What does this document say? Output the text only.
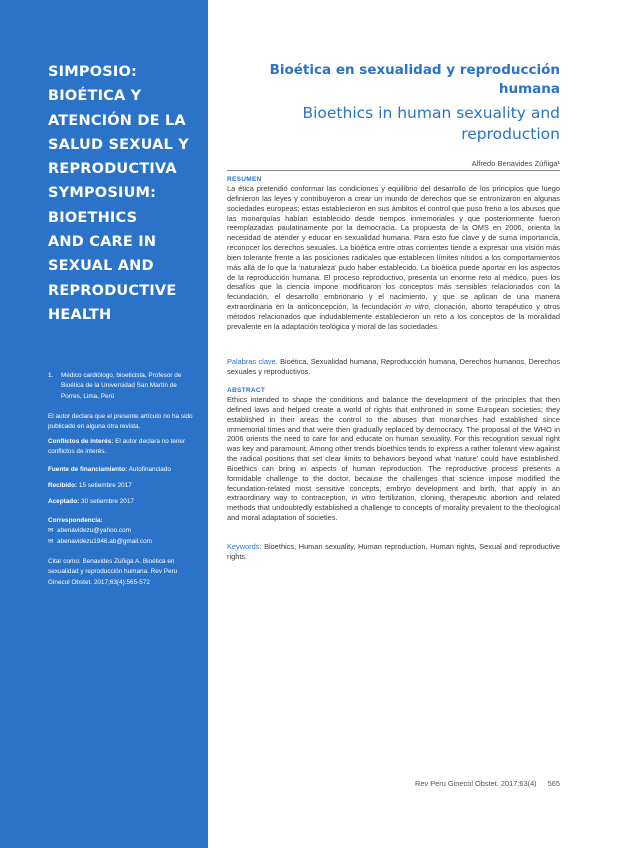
SIMPOSIO:
BIOÉTICA Y
ATENCIÓN DE LA
SALUD SEXUAL Y
REPRODUCTIVA
SYMPOSIUM:
BIOETHICS
AND CARE IN
SEXUAL AND
REPRODUCTIVE
HEALTH
1.	Médico cardiólogo, bioeticista, Profesor de Bioética de la Universidad San Martín de Porres, Lima, Perú
El autor declara que el presente artículo no ha sido publicado en alguna otra revista.
Conflictos de interés: El autor declara no tener conflictos de interés.
Fuente de financiamiento: Autofinanciado
Recibido: 15 setiembre 2017
Aceptado: 30 setiembre 2017
Correspondencia:
✉ abenavidezu@yahoo.com
✉ abenavidezu1946.ab@gmail.com
Citar como: Benavides Zúñiga A. Bioética en sexualidad y reproducción humana. Rev Peru Ginecol Obstet. 2017;63(4):565-572
Bioética en sexualidad y reproducción humana
Bioethics in human sexuality and reproduction
Alfredo Benavides Zúñiga¹
RESUMEN
La ética pretendió conformar las condiciones y equilibrio del desarrollo de los principios que luego definieron las leyes y contribuyeron a crear un mundo de derechos que se entronizaron en algunas sociedades europeas; estas establecieron en sus ámbitos el control que puso freno a los abusos que las monarquías habían establecido desde tiempos inmemoriales y que posteriormente fueron reemplazadas paulatinamente por la democracia. La propuesta de la OMS en 2006, orienta la necesidad de atender y educar en sexualidad humana. Para esto fue clave y de suma importancia, reconocer los derechos sexuales. La bioética entre otras corrientes tiende a expresar una visión más bien tolerante frente a las posiciones radicales que establecen límites nítidos a los comportamientos más allá de lo que la ‘naturaleza’ pudo haber establecido. La bioética puede aportar en los aspectos de la reproducción humana. El proceso reproductivo, presenta un enorme reto al médico, pues los desafíos que la ciencia impone modificaron los conceptos más sensibles relacionados con la fecundación, el desarrollo embrionario y el nacimiento, y que se aplican de una manera extraordinaria en la anticoncepción, la fecundación in vitro, clonación, aborto terapéutico y otros métodos relacionados que indudablemente establecieron un reto a los conceptos de la moralidad prevalente en la adaptación teológica y moral de las sociedades.
Palabras clave. Bioética, Sexualidad humana, Reproducción humana, Derechos humanos, Derechos sexuales y reproductivos.
ABSTRACT
Ethics intended to shape the conditions and balance the development of the principles that then defined laws and helped create a world of rights that enthroned in some European societies; they established in their areas the control to the abuses that monarchies had established since immemorial times and that were then gradually replaced by democracy. The proposal of the WHO in 2006 orients the need to care for and educate on human sexuality. For this recognition sexual right was key and paramount. Among other trends bioethics tends to express a rather tolerant view against the radical positions that set clear limits to behaviors beyond what ‘nature’ could have established. Bioethics can bring in aspects of human reproduction. The reproductive process presents a formidable challenge to the doctor, because the challenges that science impose modified the fecundation-related most sensitive concepts, embryo development and birth, that apply in an extraordinary way to contraception, in vitro fertilization, cloning, therapeutic abortion and related methods that undoubtedly established a challenge to concepts of morality prevalent to the theological and moral adaptation of societies.
Keywords: Bioethics, Human sexuality, Human reproduction, Human rights, Sexual and reproductive rights.
Rev Peru Ginecol Obstet. 2017;63(4) 565
